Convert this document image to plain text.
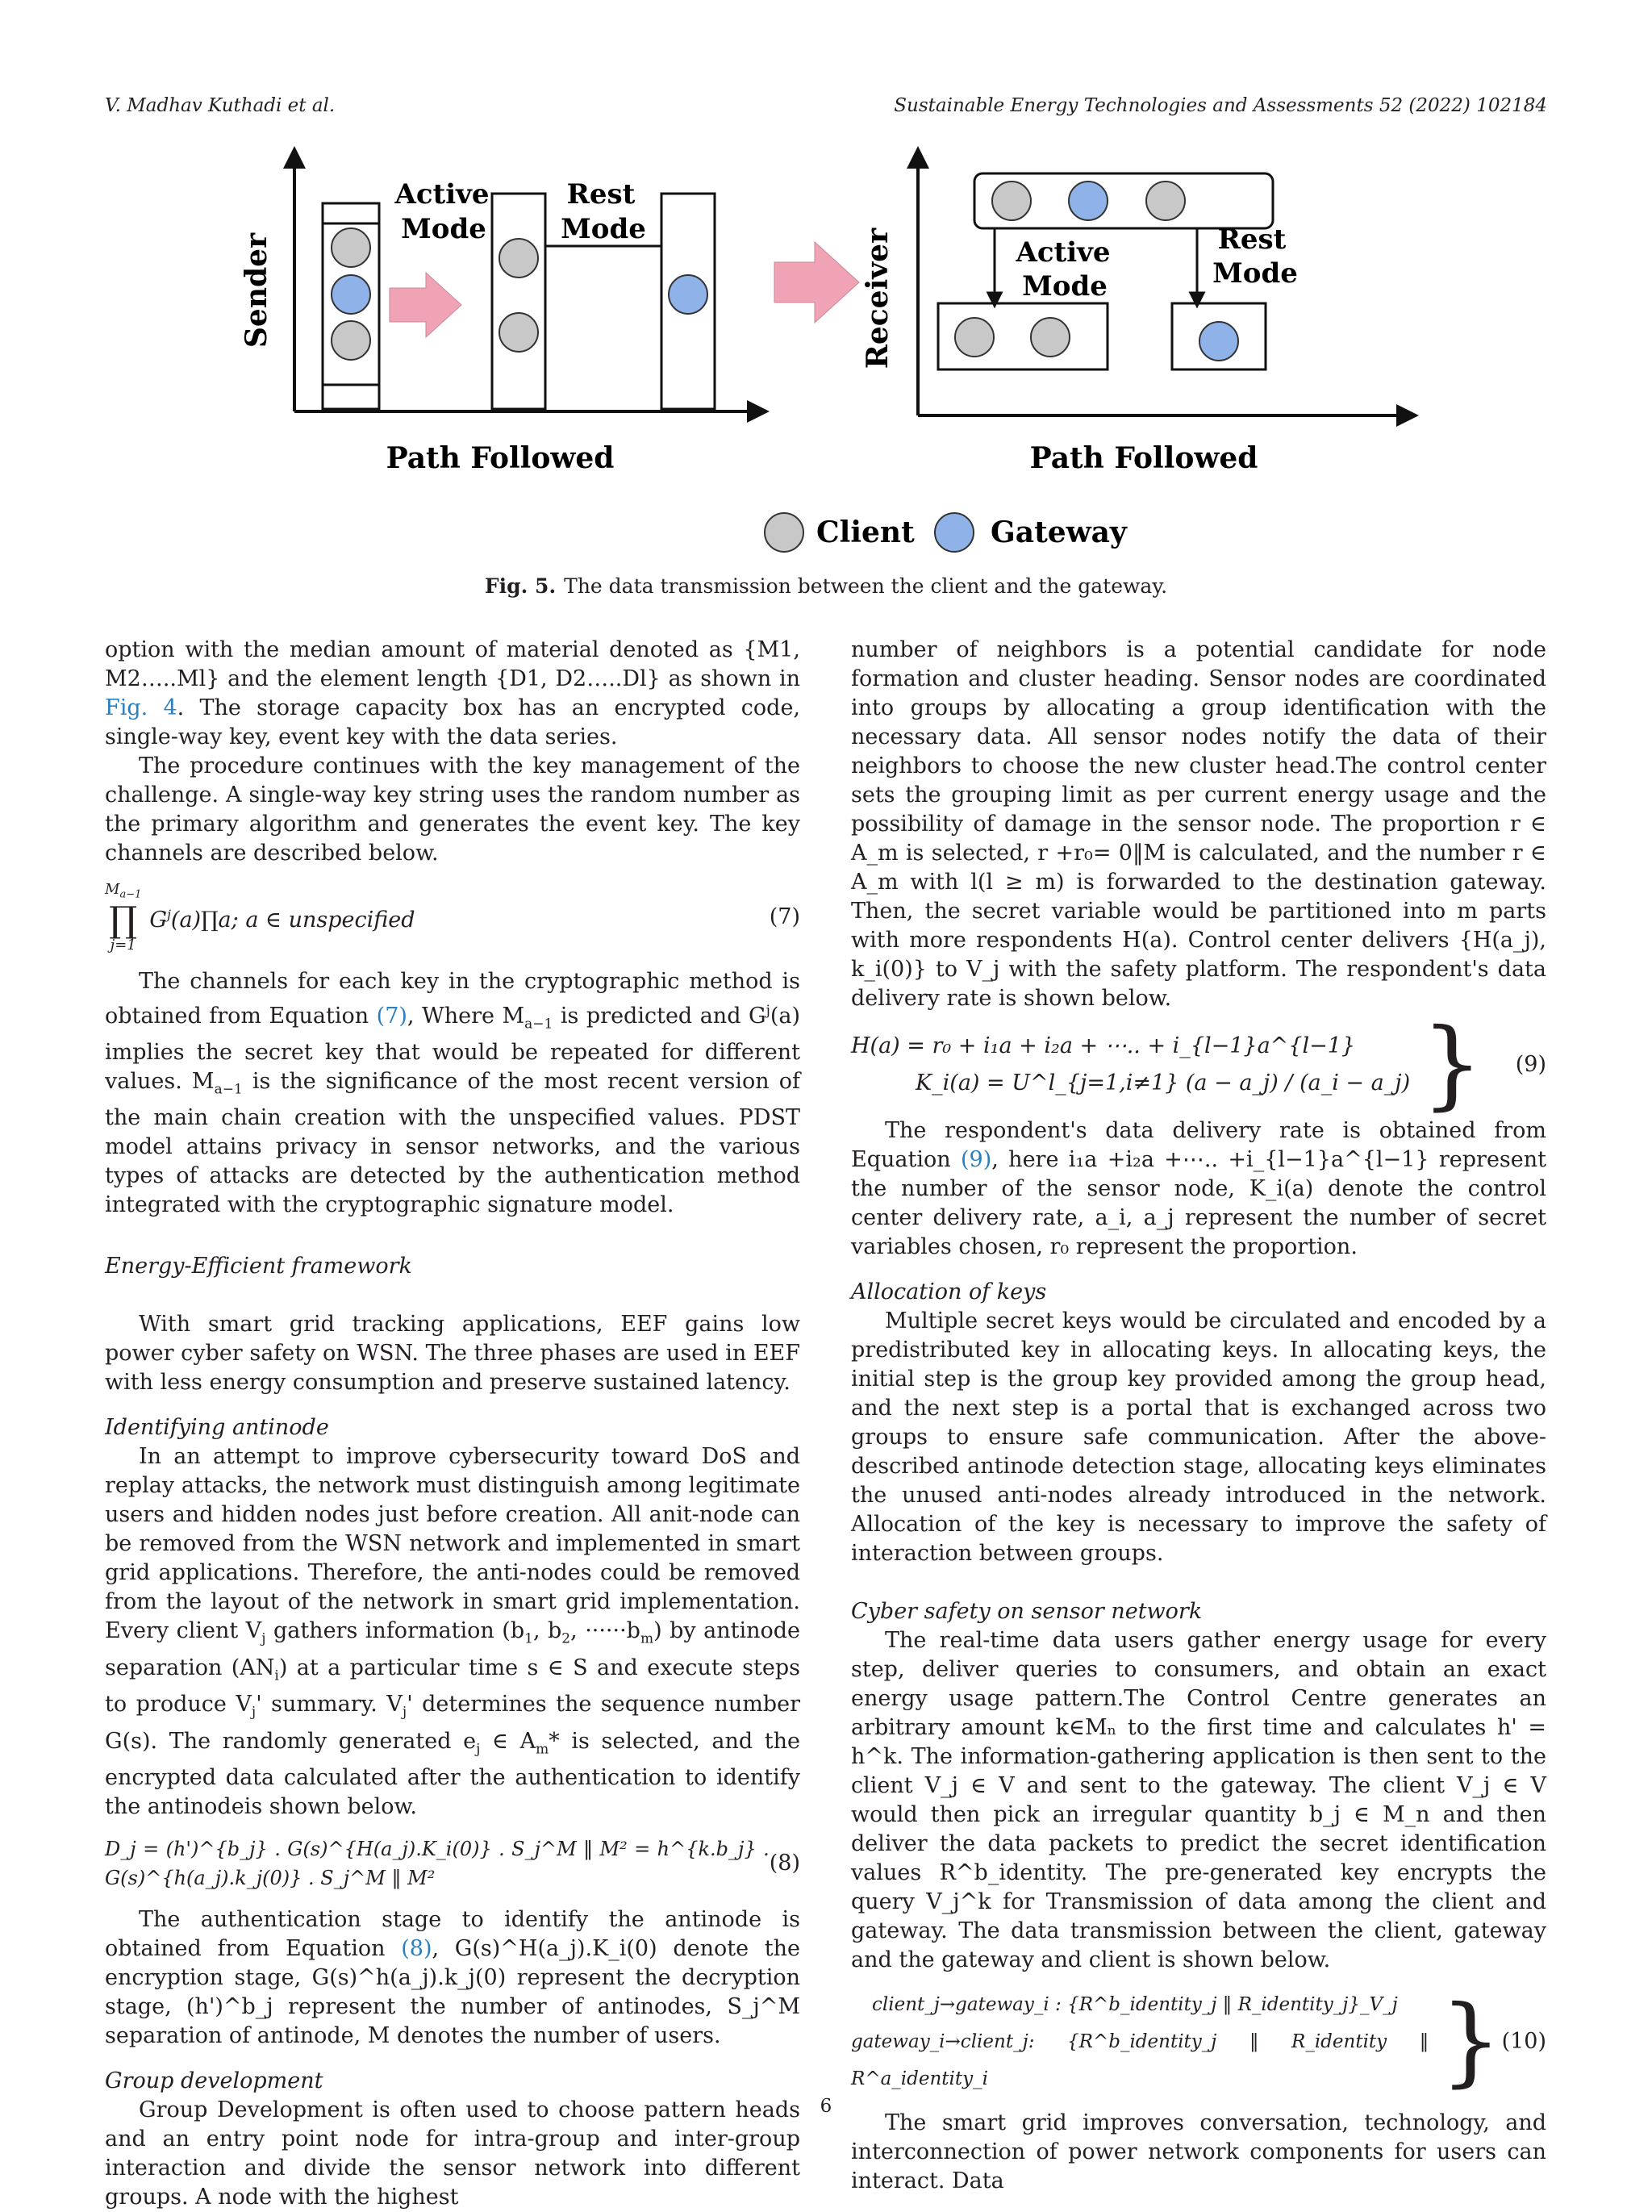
V. Madhav Kuthadi et al.	Sustainable Energy Technologies and Assessments 52 (2022) 102184
Sender
Path Followed
Active
Mode
Rest
Mode	Receiver
Path Followed
Active
Mode
Rest
Mode
Client	Gateway
Fig. 5. The data transmission between the client and the gateway.

option with the median amount of material denoted as {M1, M2…..Ml} and the element length {D1, D2…..Dl} as shown in Fig. 4. The storage capacity box has an encrypted code, single-way key, event key with the data series.

The procedure continues with the key management of the challenge. A single-way key string uses the random number as the primary algorithm and generates the event key. The key channels are described below.

$M_{a-1}$
∏
j=1
$G^j(a)\prod a$; a ∈ unspecified	(7)

The channels for each key in the cryptographic method is obtained from Equation (7), Where $M_{a-1}$ is predicted and $G^j(a)$ implies the secret key that would be repeated for different values. $M_{a-1}$ is the significance of the most recent version of the main chain creation with the unspecified values. PDST model attains privacy in sensor networks, and the various types of attacks are detected by the authentication method integrated with the cryptographic signature model.

Energy-Efficient framework

With smart grid tracking applications, EEF gains low power cyber safety on WSN. The three phases are used in EEF with less energy consumption and preserve sustained latency.

Identifying antinode

In an attempt to improve cybersecurity toward DoS and replay attacks, the network must distinguish among legitimate users and hidden nodes just before creation. All anit-node can be removed from the WSN network and implemented in smart grid applications. Therefore, the anti-nodes could be removed from the layout of the network in smart grid implementation. Every client $V_j$ gathers information ($b_1$, $b_2$, $\cdot\cdot\cdot\cdot\cdot\cdot b_m$) by antinode separation $(AN_i)$ at a particular time s ∈ S and execute steps to produce $V_j'$ summary. $V_j'$ determines the sequence number G(s). The randomly generated $e_j$ ∈ $A_m*$ is selected, and the encrypted data calculated after the authentication to identify the antinodeis shown below.

D_j = (h')^{b_j} . G(s)^{H(a_j).K_i(0)} . S_j^M ‖ M² = h^{k.b_j} . G(s)^{h(a_j).k_j(0)} . S_j^M ‖ M²
(8)

The authentication stage to identify the antinode is obtained from Equation (8), G(s)^H(a_j).K_i(0) denote the encryption stage, G(s)^h(a_j).k_j(0) represent the decryption stage, (h')^b_j represent the number of antinodes, S_j^M separation of antinode, M denotes the number of users.

Group development

Group Development is often used to choose pattern heads and an entry point node for intra-group and inter-group interaction and divide the sensor network into different groups. A node with the highest

number of neighbors is a potential candidate for node formation and cluster heading. Sensor nodes are coordinated into groups by allocating a group identification with the necessary data. All sensor nodes notify the data of their neighbors to choose the new cluster head.The control center sets the grouping limit as per current energy usage and the possibility of damage in the sensor node. The proportion r ∈ A_m is selected, r +r₀= 0‖M is calculated, and the number r ∈ A_m with l(l ≥ m) is forwarded to the destination gateway. Then, the secret variable would be partitioned into m parts with more respondents H(a). Control center delivers {H(a_j), k_i(0)} to V_j with the safety platform. The respondent's data delivery rate is shown below.

H(a) = r₀ + i₁a + i₂a + ⋯.. + i_{l−1}a^{l−1}
K_i(a) = U^l_{j=1,i≠1} (a − a_j) / (a_i − a_j) } (9)

The respondent's data delivery rate is obtained from Equation (9), here i₁a +i₂a +⋯.. +i_{l−1}a^{l−1} represent the number of the sensor node, K_i(a) denote the control center delivery rate, a_i, a_j represent the number of secret variables chosen, r₀ represent the proportion.

Allocation of keys

Multiple secret keys would be circulated and encoded by a predistributed key in allocating keys. In allocating keys, the initial step is the group key provided among the group head, and the next step is a portal that is exchanged across two groups to ensure safe communication. After the above-described antinode detection stage, allocating keys eliminates the unused anti-nodes already introduced in the network. Allocation of the key is necessary to improve the safety of interaction between groups.

Cyber safety on sensor network

The real-time data users gather energy usage for every step, deliver queries to consumers, and obtain an exact energy usage pattern.The Control Centre generates an arbitrary amount k∈Mₙ to the first time and calculates h' = h^k. The information-gathering application is then sent to the client V_j ∈ V and sent to the gateway. The client V_j ∈ V would then pick an irregular quantity b_j ∈ M_n and then deliver the data packets to predict the secret identification values R^b_identity. The pre-generated key encrypts the query V_j^k for Transmission of data among the client and gateway. The data transmission between the client, gateway and the gateway and client is shown below.

client_j→gateway_i : {R^b_identity_j ‖ R_identity_j}_V_j
gateway_i→client_j: {R^b_identity_j ‖ R_identity ‖ R^a_identity_i	} (10)

The smart grid improves conversation, technology, and interconnection of power network components for users can interact. Data

6
